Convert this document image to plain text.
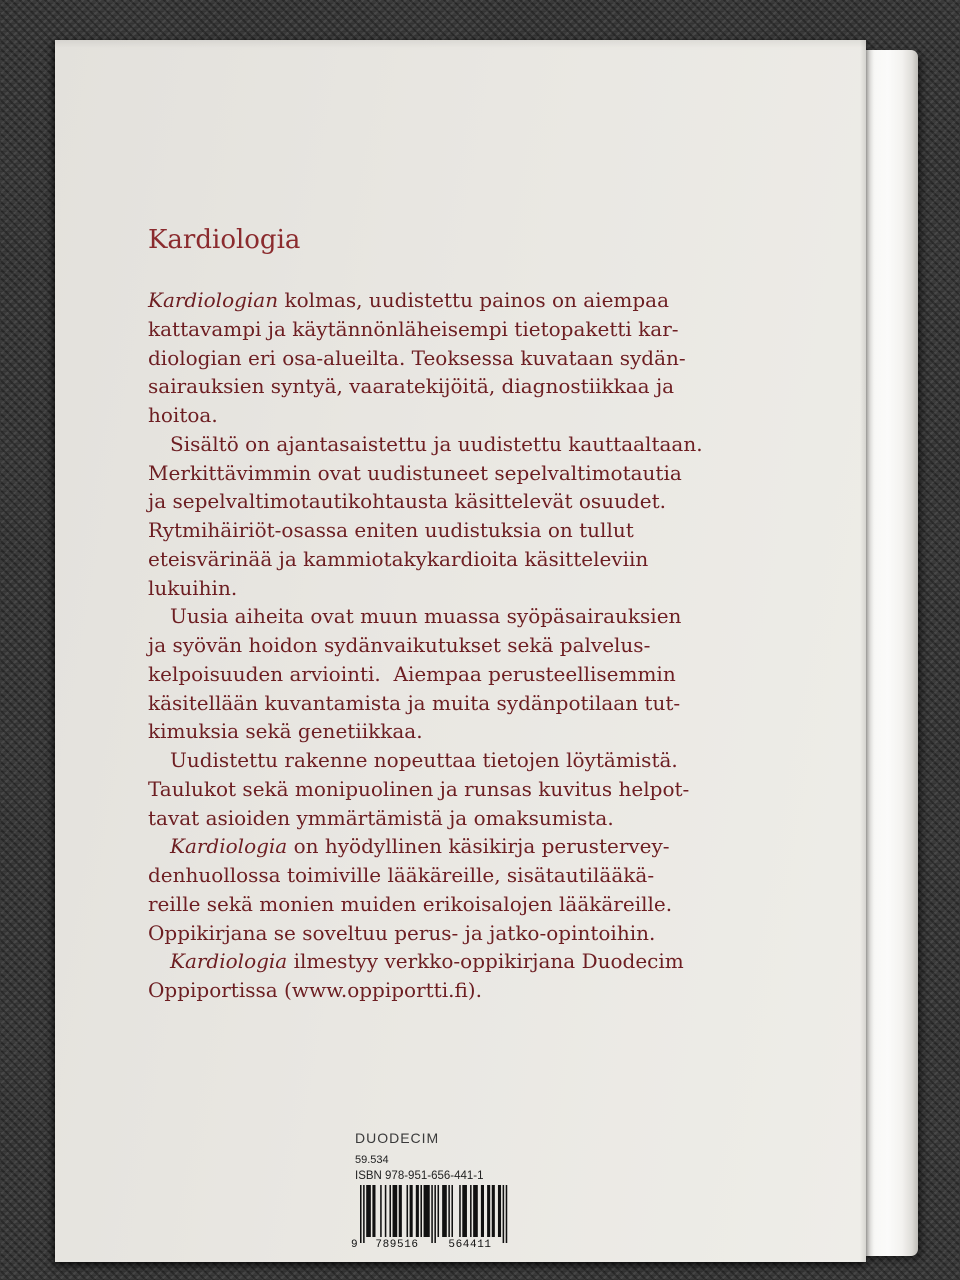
Kardiologia
Kardiologian kolmas, uudistettu painos on aiempaa
kattavampi ja käytännönläheisempi tietopaketti kar-
diologian eri osa-alueilta. Teoksessa kuvataan sydän-
sairauksien syntyä, vaaratekijöitä, diagnostiikkaa ja
hoitoa.
Sisältö on ajantasaistettu ja uudistettu kauttaaltaan.
Merkittävimmin ovat uudistuneet sepelvaltimotautia
ja sepelvaltimotautikohtausta käsittelevät osuudet.
Rytmihäiriöt-osassa eniten uudistuksia on tullut
eteisvärinää ja kammiotakykardioita käsitteleviin
lukuihin.
Uusia aiheita ovat muun muassa syöpäsairauksien
ja syövän hoidon sydänvaikutukset sekä palvelus-
kelpoisuuden arviointi.  Aiempaa perusteellisemmin
käsitellään kuvantamista ja muita sydänpotilaan tut-
kimuksia sekä genetiikkaa.
Uudistettu rakenne nopeuttaa tietojen löytämistä.
Taulukot sekä monipuolinen ja runsas kuvitus helpot-
tavat asioiden ymmärtämistä ja omaksumista.
Kardiologia on hyödyllinen käsikirja perustervey-
denhuollossa toimiville lääkäreille, sisätautilääkä-
reille sekä monien muiden erikoisalojen lääkäreille.
Oppikirjana se soveltuu perus- ja jatko-opintoihin.
Kardiologia ilmestyy verkko-oppikirjana Duodecim
Oppiportissa (www.oppiportti.fi).
DUODECIM
59.534
ISBN 978-951-656-441-1
9 789516	564411
